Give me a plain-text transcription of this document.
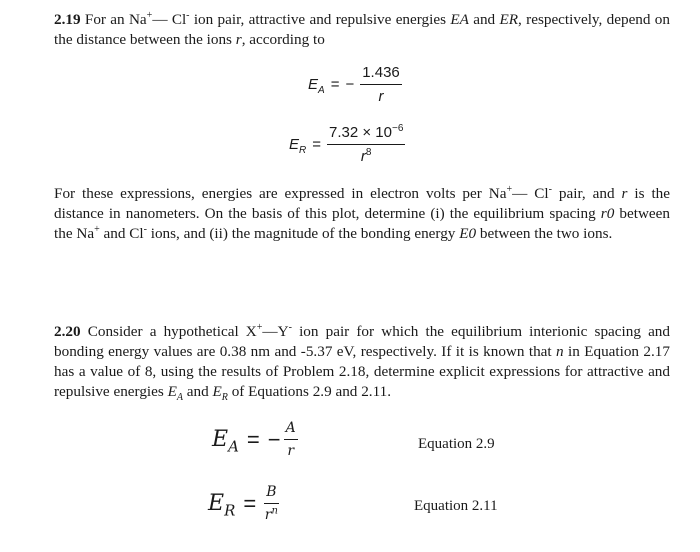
2.19 For an Na+— Cl- ion pair, attractive and repulsive energies EA and ER, respectively, depend on the distance between the ions r, according to
$E_A$ = − $\frac{1.436}{r}$
$E_R = \frac{7.32 \times 10^{-6}}{r^8}$
For these expressions, energies are expressed in electron volts per Na+— Cl- pair, and r is the distance in nanometers. On the basis of this plot, determine (i) the equilibrium spacing r0 between the Na+ and Cl- ions, and (ii) the magnitude of the bonding energy E0 between the two ions.
2.20 Consider a hypothetical X+—Y- ion pair for which the equilibrium interionic spacing and bonding energy values are 0.38 nm and -5.37 eV, respectively. If it is known that n in Equation 2.17 has a value of 8, using the results of Problem 2.18, determine explicit expressions for attractive and repulsive energies $E_A$ and $E_R$ of Equations 2.9 and 2.11.
$E_A$ = − $\frac{A}{r}$	Equation 2.9
$E_R = \frac{B}{r^n}$	Equation 2.11
